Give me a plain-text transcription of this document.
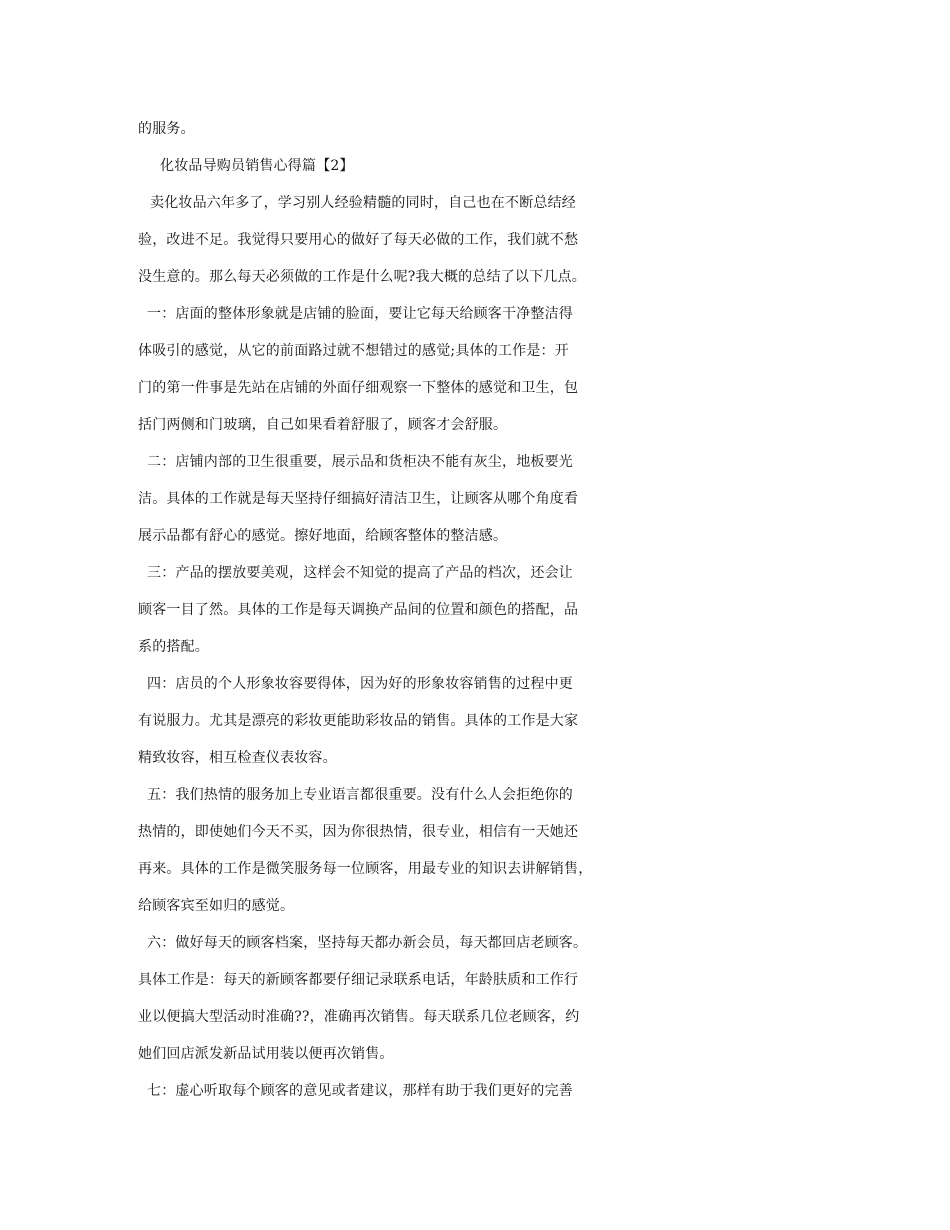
的服务。
化妆品导购员销售心得篇【2】
卖化妆品六年多了，学习别人经验精髓的同时，自己也在不断总结经
验，改进不足。我觉得只要用心的做好了每天必做的工作，我们就不愁
没生意的。那么每天必须做的工作是什么呢?我大概的总结了以下几点。
一：店面的整体形象就是店铺的脸面，要让它每天给顾客干净整洁得
体吸引的感觉，从它的前面路过就不想错过的感觉;具体的工作是：开
门的第一件事是先站在店铺的外面仔细观察一下整体的感觉和卫生，包
括门两侧和门玻璃，自己如果看着舒服了，顾客才会舒服。
二：店铺内部的卫生很重要，展示品和货柜决不能有灰尘，地板要光
洁。具体的工作就是每天坚持仔细搞好清洁卫生，让顾客从哪个角度看
展示品都有舒心的感觉。擦好地面，给顾客整体的整洁感。
三：产品的摆放要美观，这样会不知觉的提高了产品的档次，还会让
顾客一目了然。具体的工作是每天调换产品间的位置和颜色的搭配，品
系的搭配。
四：店员的个人形象妆容要得体，因为好的形象妆容销售的过程中更
有说服力。尤其是漂亮的彩妆更能助彩妆品的销售。具体的工作是大家
精致妆容，相互检查仪表妆容。
五：我们热情的服务加上专业语言都很重要。没有什么人会拒绝你的
热情的，即使她们今天不买，因为你很热情，很专业，相信有一天她还
再来。具体的工作是微笑服务每一位顾客，用最专业的知识去讲解销售，
给顾客宾至如归的感觉。
六：做好每天的顾客档案，坚持每天都办新会员，每天都回店老顾客。
具体工作是：每天的新顾客都要仔细记录联系电话，年龄肤质和工作行
业以便搞大型活动时准确??，准确再次销售。每天联系几位老顾客，约
她们回店派发新品试用装以便再次销售。
七：虚心听取每个顾客的意见或者建议，那样有助于我们更好的完善
